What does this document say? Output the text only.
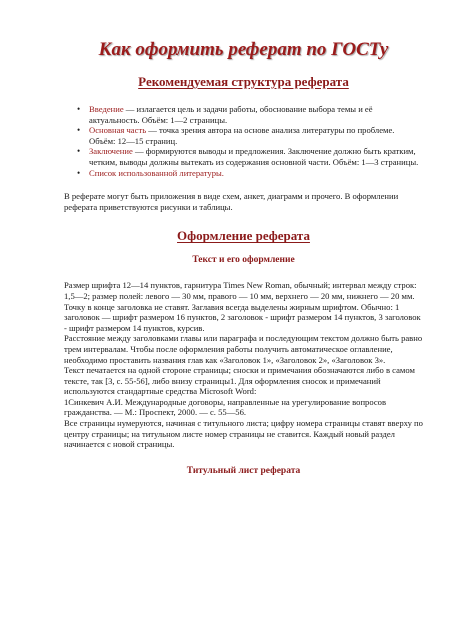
Как оформить реферат по ГОСТу
Рекомендуемая структура реферата
• Введение — излагается цель и задачи работы, обоснование выбора темы и её актуальность. Объём: 1—2 страницы.
• Основная часть — точка зрения автора на основе анализа литературы по проблеме. Объём: 12—15 страниц.
• Заключение — формируются выводы и предложения. Заключение должно быть кратким, четким, выводы должны вытекать из содержания основной части. Объём: 1—3 страницы.
• Список использованной литературы.

В реферате могут быть приложения в виде схем, анкет, диаграмм и прочего. В оформлении реферата приветствуются рисунки и таблицы.

Оформление реферата
Текст и его оформление

Размер шрифта 12—14 пунктов, гарнитура Times New Roman, обычный; интервал между строк: 1,5—2; размер полей: левого — 30 мм, правого — 10 мм, верхнего — 20 мм, нижнего — 20 мм.

Точку в конце заголовка не ставят. Заглавия всегда выделены жирным шрифтом. Обычно: 1 заголовок — шрифт размером 16 пунктов, 2 заголовок - шрифт размером 14 пунктов, 3 заголовок - шрифт размером 14 пунктов, курсив.

Расстояние между заголовками главы или параграфа и последующим текстом должно быть равно трем интервалам. Чтобы после оформления работы получить автоматическое оглавление, необходимо проставить названия глав как «Заголовок 1», «Заголовок 2», «Заголовок 3».

Текст печатается на одной стороне страницы; сноски и примечания обозначаются либо в самом тексте, так [3, с. 55-56], либо внизу страницы1. Для оформления сносок и примечаний используются стандартные средства Microsoft Word:

1Синкевич А.И. Международные договоры, направленные на урегулирование вопросов гражданства. — М.: Проспект, 2000. — с. 55—56.

Все страницы нумеруются, начиная с титульного листа; цифру номера страницы ставят вверху по центру страницы; на титульном листе номер страницы не ставится. Каждый новый раздел начинается с новой страницы.

Титульный лист реферата
